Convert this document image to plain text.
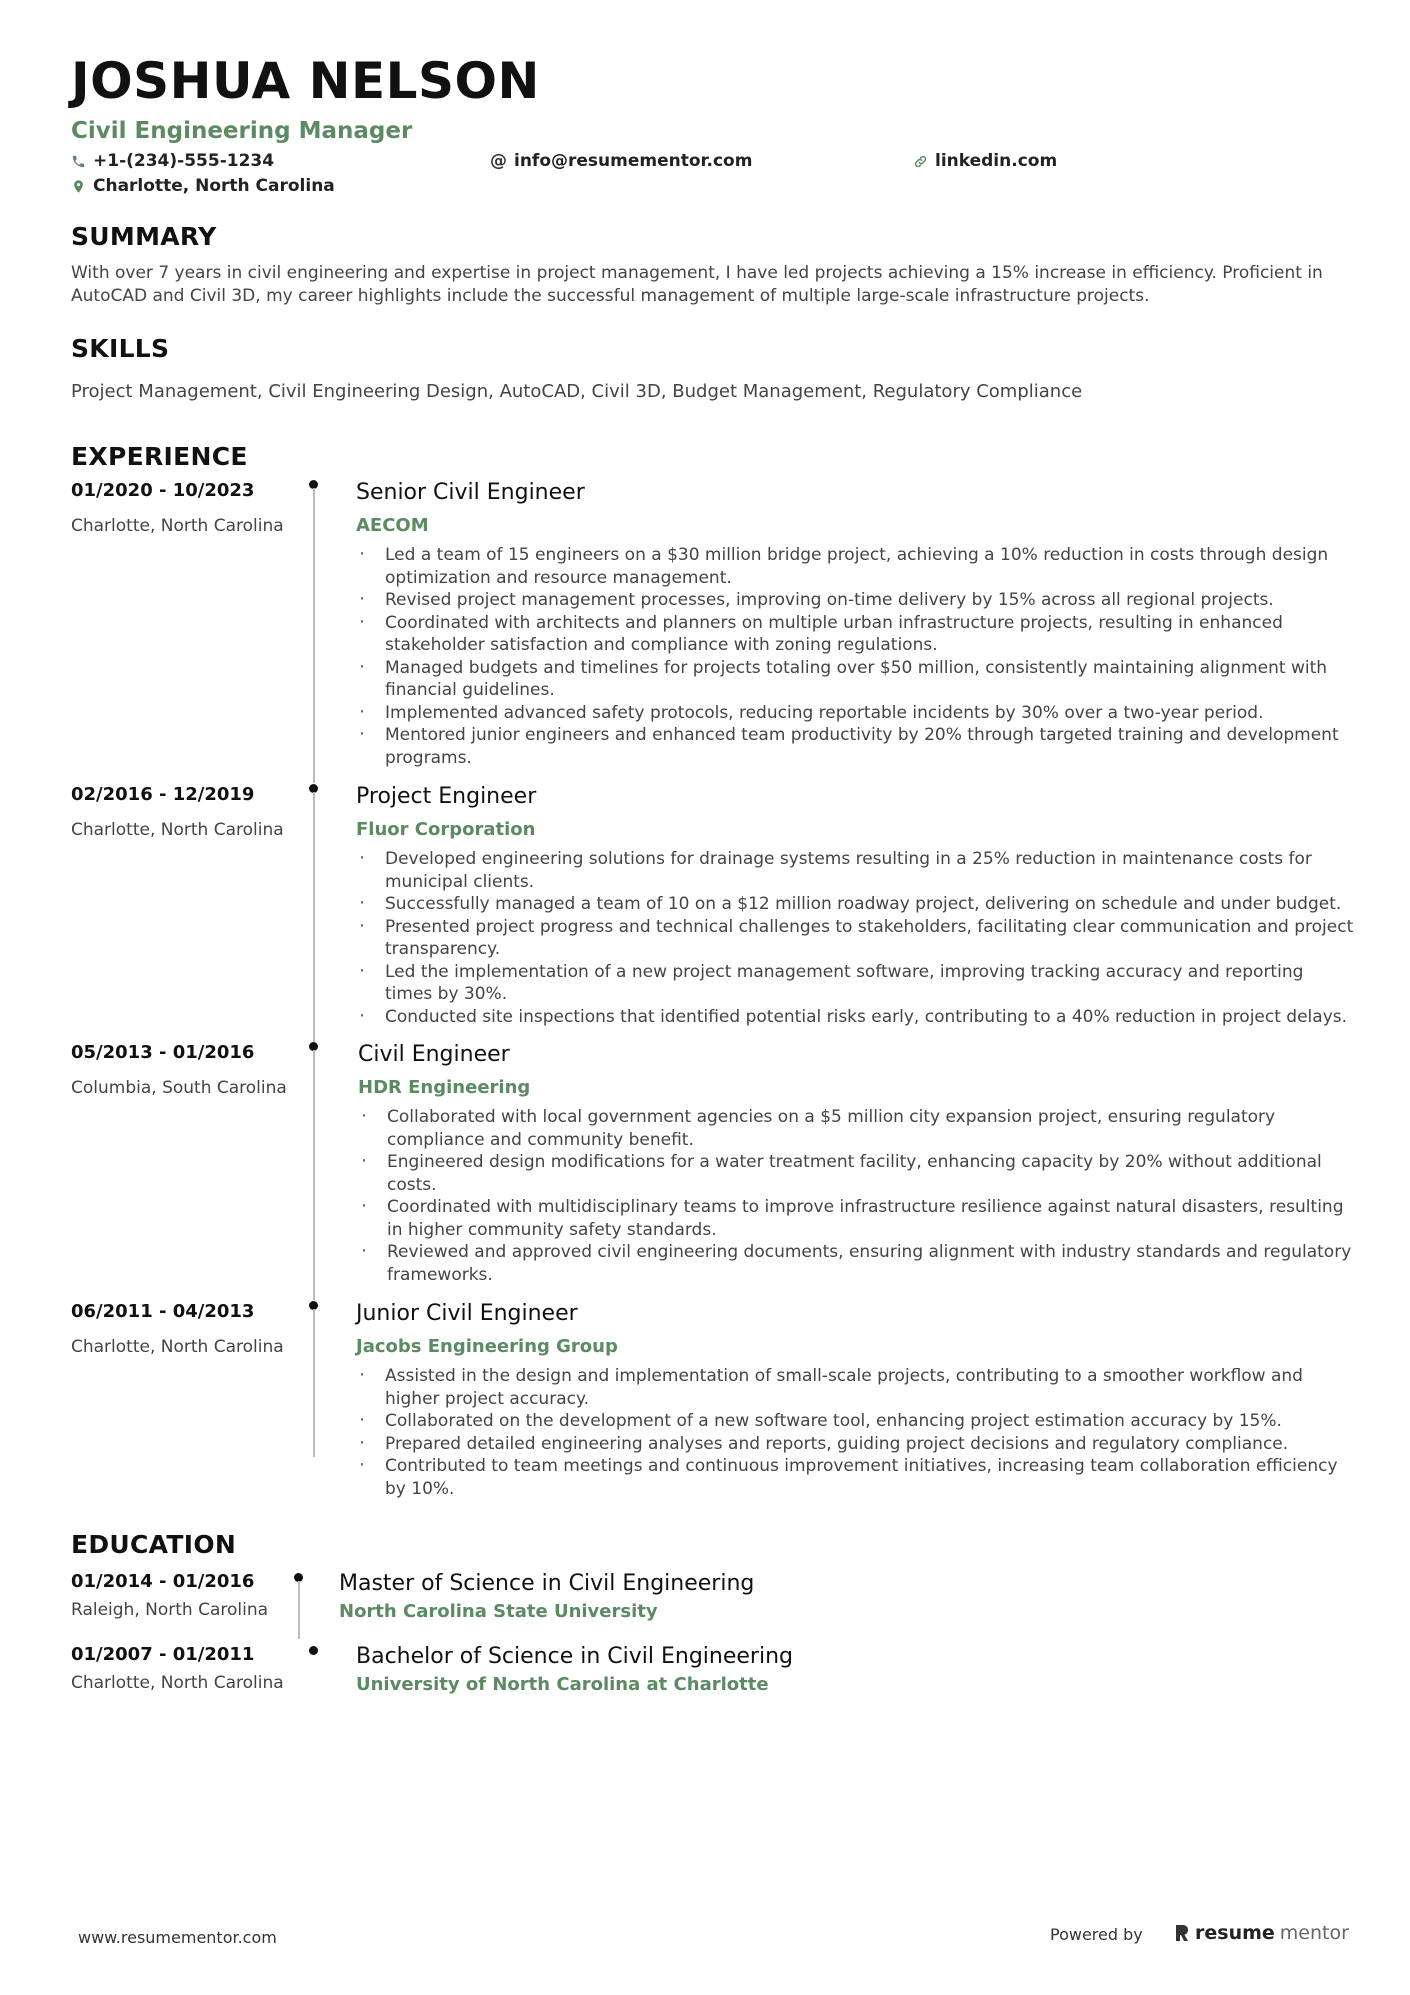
JOSHUA NELSON
Civil Engineering Manager
+1-(234)-555-1234	@ info@resumementor.com	linkedin.com
Charlotte, North Carolina
SUMMARY
With over 7 years in civil engineering and expertise in project management, I have led projects achieving a 15% increase in efficiency. Proficient in AutoCAD and Civil 3D, my career highlights include the successful management of multiple large-scale infrastructure projects.
SKILLS
Project Management, Civil Engineering Design, AutoCAD, Civil 3D, Budget Management, Regulatory Compliance
EXPERIENCE
01/2020 - 10/2023
Charlotte, North Carolina
Senior Civil Engineer
AECOM
· Led a team of 15 engineers on a $30 million bridge project, achieving a 10% reduction in costs through design optimization and resource management.
· Revised project management processes, improving on-time delivery by 15% across all regional projects.
· Coordinated with architects and planners on multiple urban infrastructure projects, resulting in enhanced stakeholder satisfaction and compliance with zoning regulations.
· Managed budgets and timelines for projects totaling over $50 million, consistently maintaining alignment with financial guidelines.
· Implemented advanced safety protocols, reducing reportable incidents by 30% over a two-year period.
· Mentored junior engineers and enhanced team productivity by 20% through targeted training and development programs.
02/2016 - 12/2019
Charlotte, North Carolina
Project Engineer
Fluor Corporation
· Developed engineering solutions for drainage systems resulting in a 25% reduction in maintenance costs for municipal clients.
· Successfully managed a team of 10 on a $12 million roadway project, delivering on schedule and under budget.
· Presented project progress and technical challenges to stakeholders, facilitating clear communication and project transparency.
· Led the implementation of a new project management software, improving tracking accuracy and reporting times by 30%.
· Conducted site inspections that identified potential risks early, contributing to a 40% reduction in project delays.
05/2013 - 01/2016
Columbia, South Carolina
Civil Engineer
HDR Engineering
· Collaborated with local government agencies on a $5 million city expansion project, ensuring regulatory compliance and community benefit.
· Engineered design modifications for a water treatment facility, enhancing capacity by 20% without additional costs.
· Coordinated with multidisciplinary teams to improve infrastructure resilience against natural disasters, resulting in higher community safety standards.
· Reviewed and approved civil engineering documents, ensuring alignment with industry standards and regulatory frameworks.
06/2011 - 04/2013
Charlotte, North Carolina
Junior Civil Engineer
Jacobs Engineering Group
· Assisted in the design and implementation of small-scale projects, contributing to a smoother workflow and higher project accuracy.
· Collaborated on the development of a new software tool, enhancing project estimation accuracy by 15%.
· Prepared detailed engineering analyses and reports, guiding project decisions and regulatory compliance.
· Contributed to team meetings and continuous improvement initiatives, increasing team collaboration efficiency by 10%.
EDUCATION
01/2014 - 01/2016
Raleigh, North Carolina
Master of Science in Civil Engineering
North Carolina State University
01/2007 - 01/2011
Charlotte, North Carolina
Bachelor of Science in Civil Engineering
University of North Carolina at Charlotte
www.resumementor.com	Powered by	resume mentor
